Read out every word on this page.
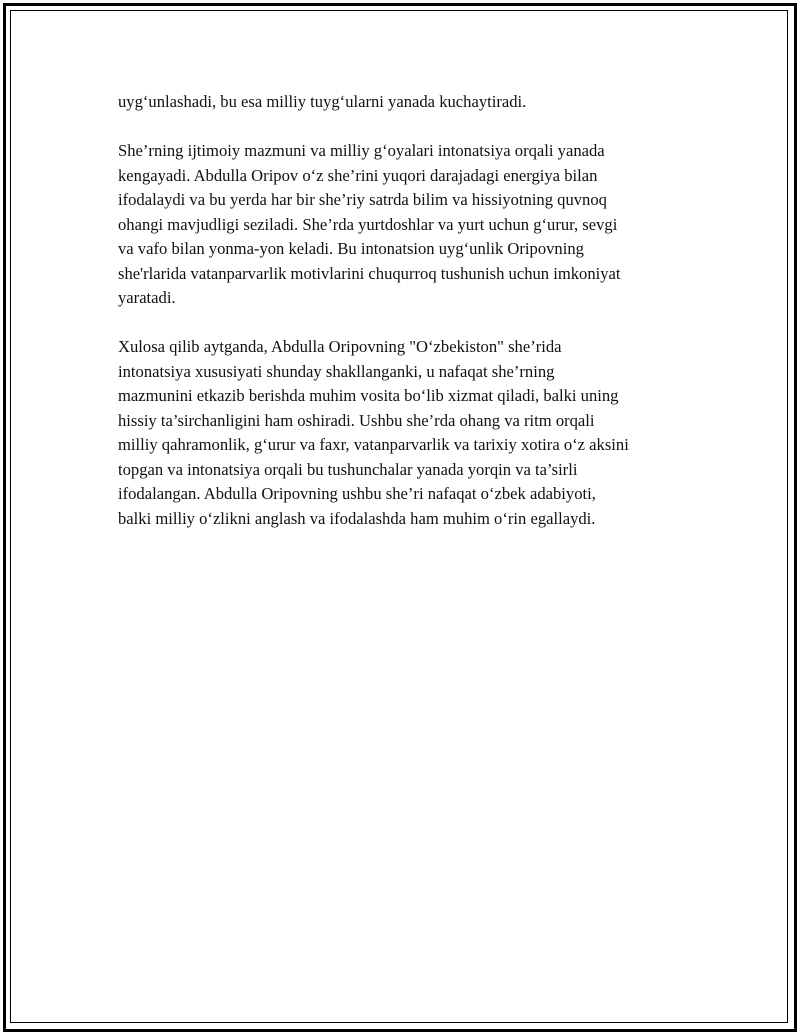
uyg‘unlashadi, bu esa milliy tuyg‘ularni yanada kuchaytiradi.

She’rning ijtimoiy mazmuni va milliy g‘oyalari intonatsiya orqali yanada
kengayadi. Abdulla Oripov o‘z she’rini yuqori darajadagi energiya bilan
ifodalaydi va bu yerda har bir she’riy satrda bilim va hissiyotning quvnoq
ohangi mavjudligi seziladi. She’rda yurtdoshlar va yurt uchun g‘urur, sevgi
va vafo bilan yonma-yon keladi. Bu intonatsion uyg‘unlik Oripovning
she'rlarida vatanparvarlik motivlarini chuqurroq tushunish uchun imkoniyat
yaratadi.

Xulosa qilib aytganda, Abdulla Oripovning "O‘zbekiston" she’rida
intonatsiya xususiyati shunday shakllanganki, u nafaqat she’rning
mazmunini etkazib berishda muhim vosita bo‘lib xizmat qiladi, balki uning
hissiy ta’sirchanligini ham oshiradi. Ushbu she’rda ohang va ritm orqali
milliy qahramonlik, g‘urur va faxr, vatanparvarlik va tarixiy xotira o‘z aksini
topgan va intonatsiya orqali bu tushunchalar yanada yorqin va ta’sirli
ifodalangan. Abdulla Oripovning ushbu she’ri nafaqat o‘zbek adabiyoti,
balki milliy o‘zlikni anglash va ifodalashda ham muhim o‘rin egallaydi.
